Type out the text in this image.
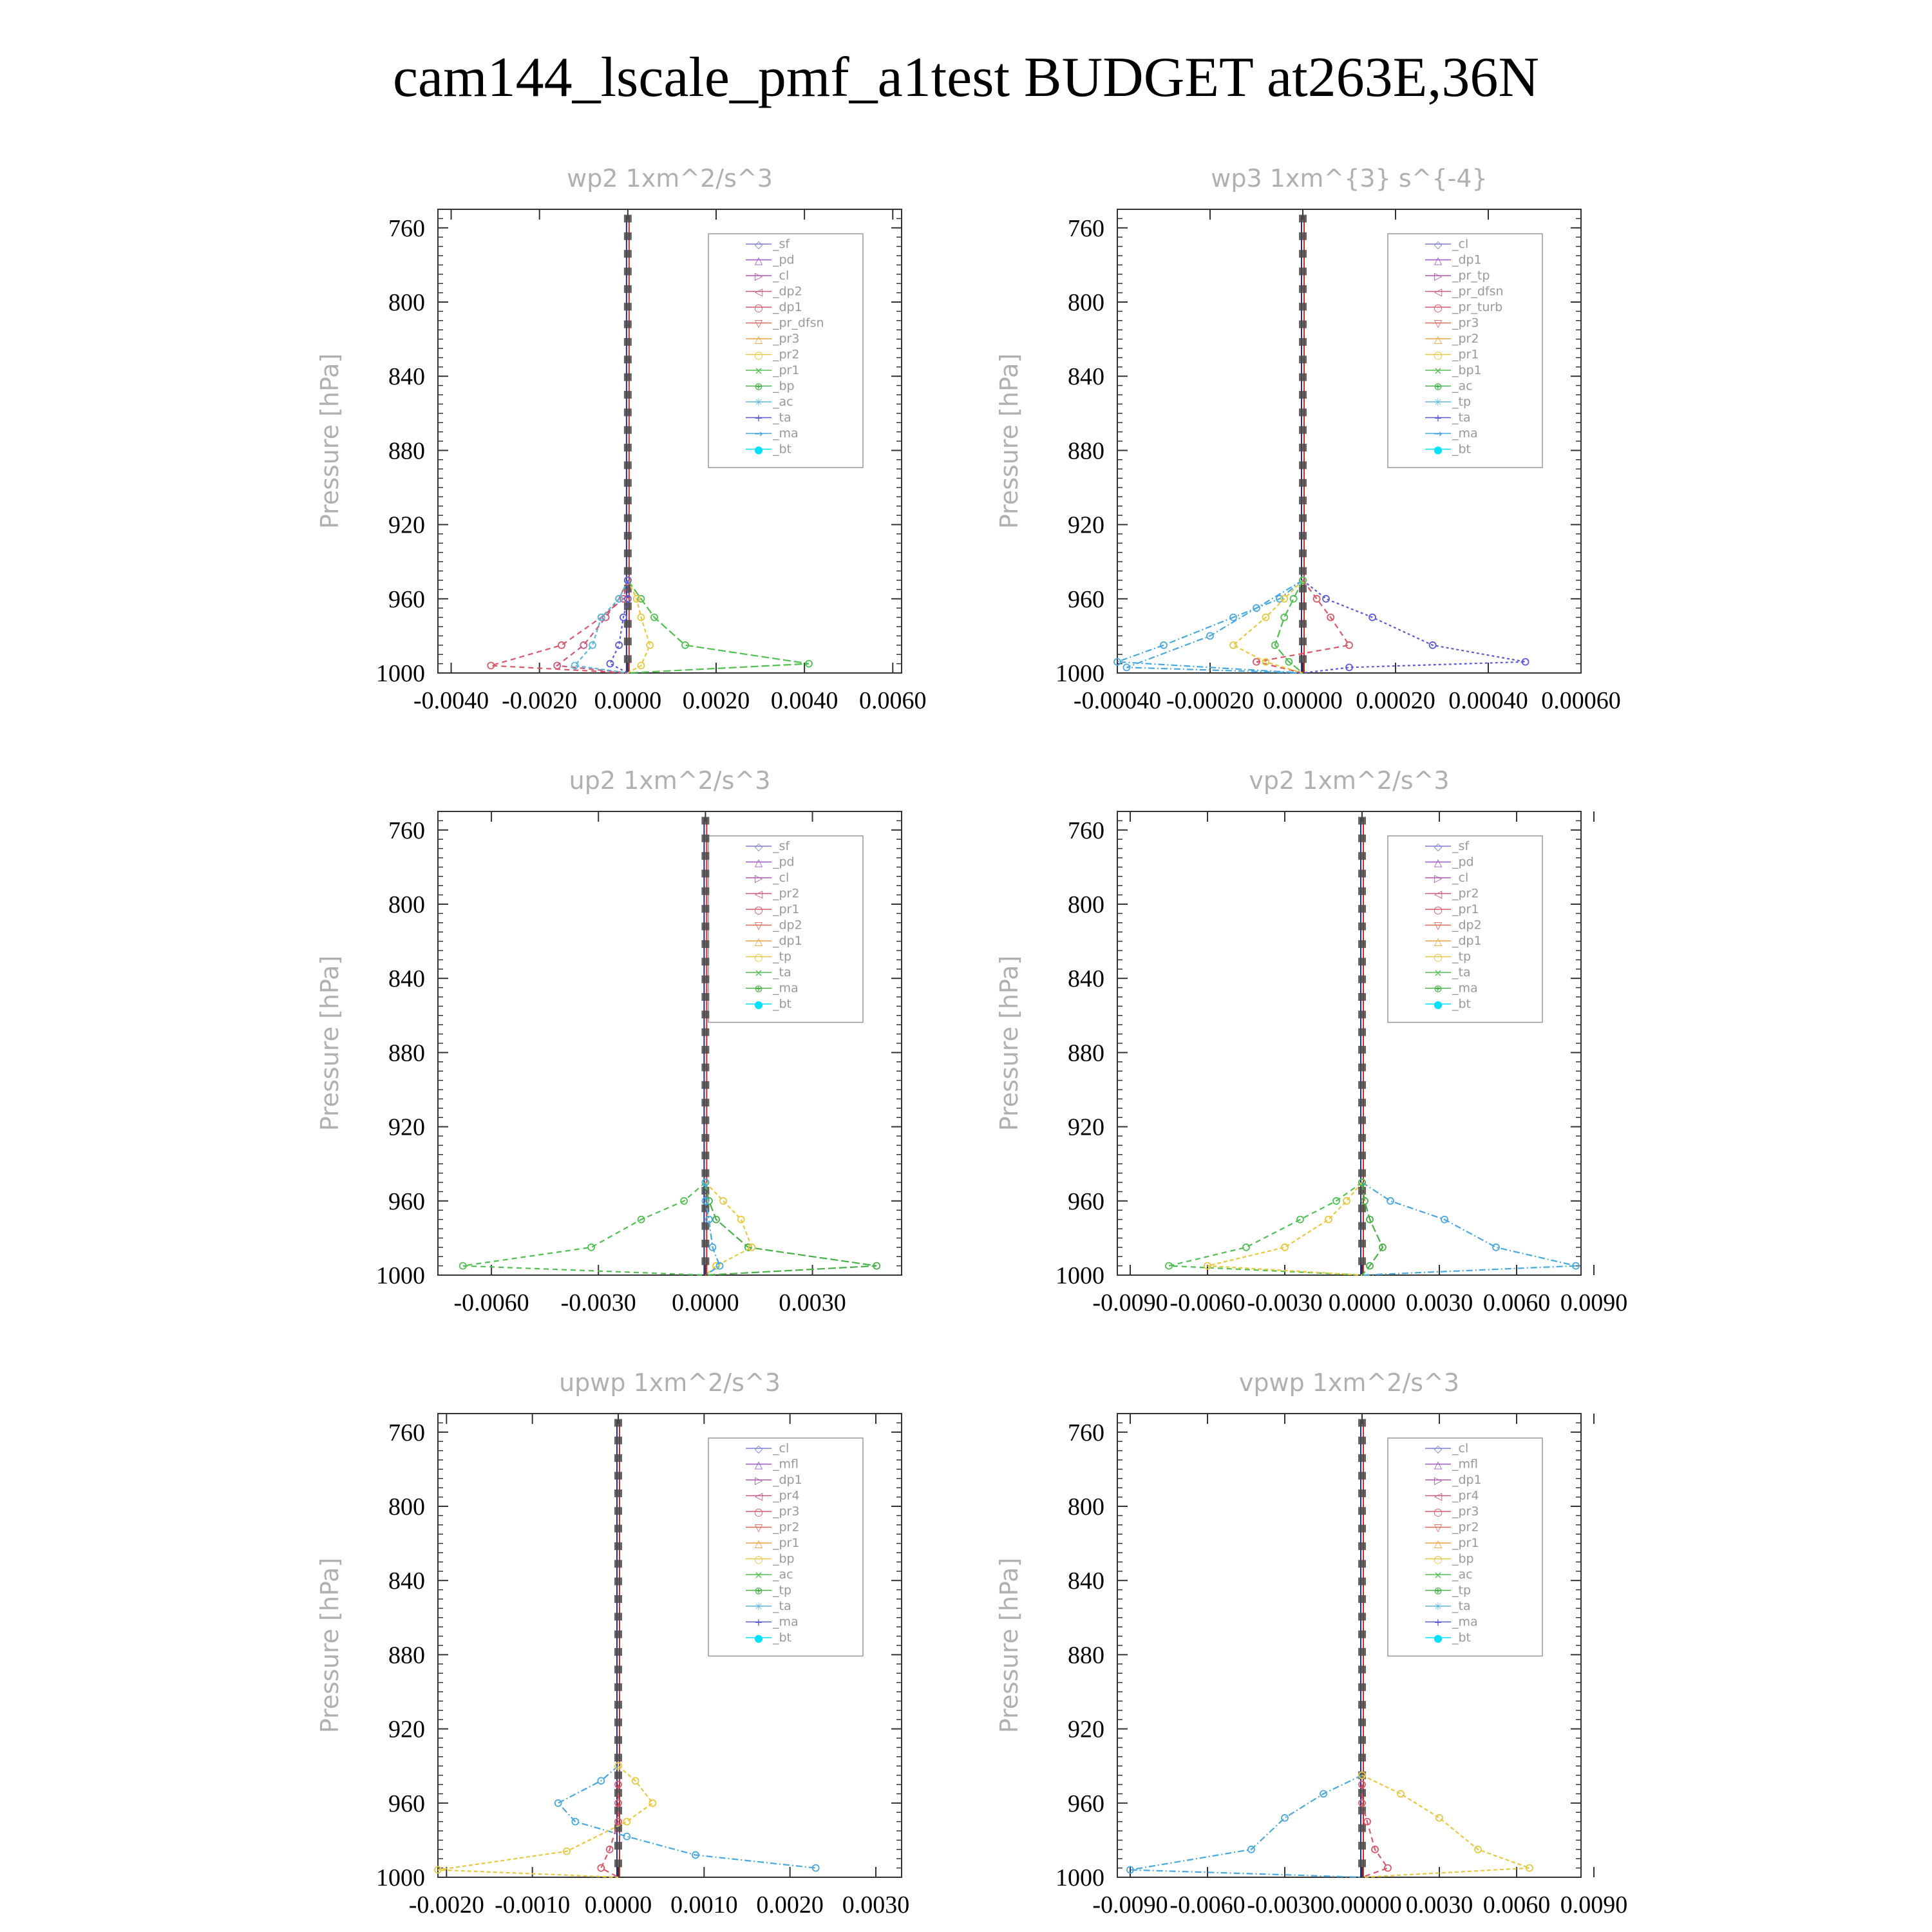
cam144_lscale_pmf_a1test BUDGET at263E,36N
wp2 1xm^2/s^3
Pressure [hPa]
760
800
840
880
920
960
1000
-0.0040 -0.0020 0.0000 0.0020 0.0040 0.0060
◇ _sf
△ _pd
▷ _cl
◁ _dp2
○ _dp1
▽ _pr_dfsn
△ _pr3
○ _pr2
× _pr1
⊕ _bp
✳ _ac
+ _ta
→ _ma
● _bt
wp3 1xm^{3} s^{-4}
Pressure [hPa]
760
800
840
880
920
960
1000
-0.00040 -0.00020 0.00000 0.00020 0.00040 0.00060
◇ _cl
△ _dp1
▷ _pr_tp
◁ _pr_dfsn
○ _pr_turb
▽ _pr3
△ _pr2
○ _pr1
× _bp1
⊕ _ac
✳ _tp
+ _ta
→ _ma
● _bt
up2 1xm^2/s^3
Pressure [hPa]
760
800
840
880
920
960
1000
-0.0060 -0.0030 0.0000 0.0030
◇ _sf
△ _pd
▷ _cl
◁ _pr2
○ _pr1
▽ _dp2
△ _dp1
○ _tp
× _ta
⊕ _ma
● _bt
vp2 1xm^2/s^3
Pressure [hPa]
760
800
840
880
920
960
1000
-0.0090 -0.0060 -0.0030 0.0000 0.0030 0.0060 0.0090
◇ _sf
△ _pd
▷ _cl
◁ _pr2
○ _pr1
▽ _dp2
△ _dp1
○ _tp
× _ta
⊕ _ma
● _bt
upwp 1xm^2/s^3
Pressure [hPa]
760
800
840
880
920
960
1000
-0.0020 -0.0010 0.0000 0.0010 0.0020 0.0030
◇ _cl
△ _mfl
▷ _dp1
◁ _pr4
○ _pr3
▽ _pr2
△ _pr1
○ _bp
× _ac
⊕ _tp
✳ _ta
+ _ma
● _bt
vpwp 1xm^2/s^3
Pressure [hPa]
760
800
840
880
920
960
1000
-0.0090 -0.0060 -0.0030 0.00000 0.0030 0.0060 0.0090
◇ _cl
△ _mfl
▷ _dp1
◁ _pr4
○ _pr3
▽ _pr2
△ _pr1
○ _bp
× _ac
⊕ _tp
✳ _ta
+ _ma
● _bt
